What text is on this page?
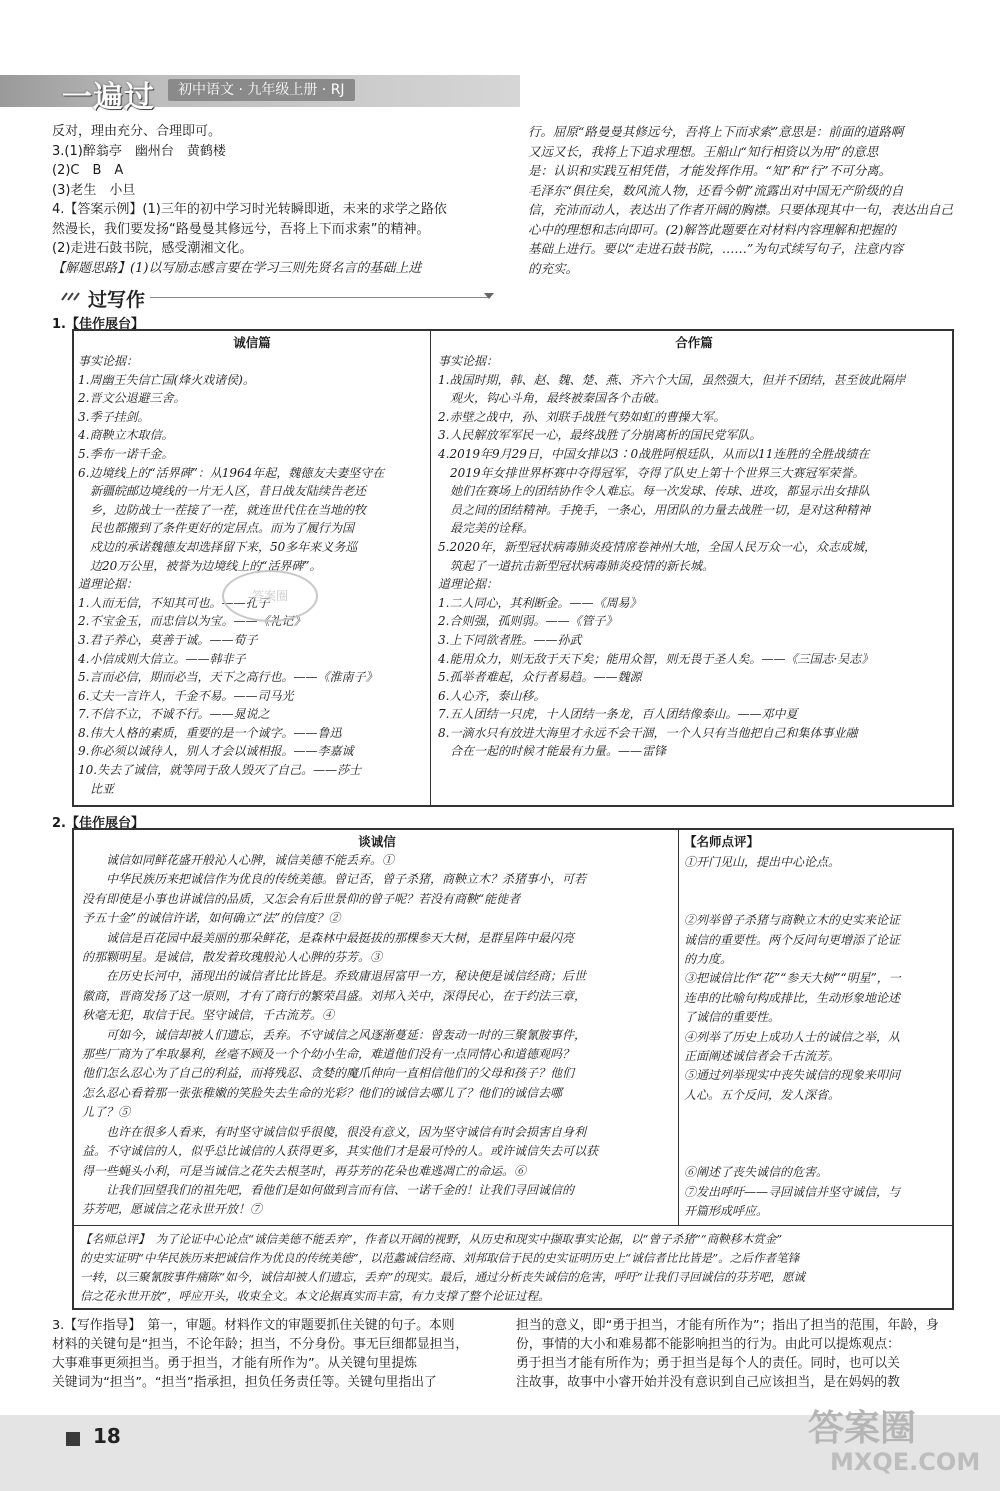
一遍过	初中语文 · 九年级上册 · RJ
反对，理由充分、合理即可。
3.(1)醉翁亭　幽州台　黄鹤楼
(2)C　B　A
(3)老生　小旦
4.【答案示例】(1)三年的初中学习时光转瞬即逝，未来的求学之路依
然漫长，我们要发扬“路曼曼其修远兮，吾将上下而求索”的精神。
(2)走进石鼓书院，感受潮湘文化。
【解题思路】(1)以写励志感言要在学习三则先贤名言的基础上进
行。屈原“路曼曼其修远兮，吾将上下而求索”意思是：前面的道路啊
又远又长，我将上下追求理想。王船山“知行相资以为用”的意思
是：认识和实践互相凭借，才能发挥作用。“知”和“行”不可分离。
毛泽东“俱往矣，数风流人物，还看今朝”流露出对中国无产阶级的自
信，充沛而动人，表达出了作者开阔的胸襟。只要体现其中一句，表达出自己
心中的理想和志向即可。(2)解答此题要在对材料内容理解和把握的
基础上进行。要以“走进石鼓书院，……”为句式续写句子，注意内容
的充实。
过写作
1.【佳作展台】
诚信篇
事实论据：
1.周幽王失信亡国(烽火戏诸侯)。
2.晋文公退避三舍。
3.季子挂剑。
4.商鞅立木取信。
5.季布一诺千金。
6.边境线上的“活界碑”：从1964年起，魏德友夫妻坚守在
　新疆皖邮边境线的一片无人区，昔日战友陆续告老还
　乡，边防战士一茬接了一茬，就连世代住在当地的牧
　民也都搬到了条件更好的定居点。而为了履行为国
　戍边的承诺魏德友却选择留下来，50多年来义务巡
　边20万公里，被誉为边境线上的“活界碑”。
道理论据：
1.人而无信，不知其可也。——孔子
2.不宝金玉，而忠信以为宝。——《礼记》
3.君子养心，莫善于诚。——荀子
4.小信成则大信立。——韩非子
5.言而必信，期而必当，天下之高行也。——《淮南子》
6.丈夫一言许人，千金不易。——司马光
7.不信不立，不诚不行。——晁说之
8.伟大人格的素质，重要的是一个诚字。——鲁迅
9.你必须以诚待人，别人才会以诚相报。——李嘉诚
10.失去了诚信，就等同于敌人毁灭了自己。——莎士
　比亚
合作篇
事实论据：
1.战国时期，韩、赵、魏、楚、燕、齐六个大国，虽然强大，但并不团结，甚至彼此隔岸
　观火，钩心斗角，最终被秦国各个击破。
2.赤壁之战中，孙、刘联手战胜气势如虹的曹操大军。
3.人民解放军军民一心，最终战胜了分崩离析的国民党军队。
4.2019年9月29日，中国女排以3∶0战胜阿根廷队，从而以11连胜的全胜战绩在
　2019年女排世界杯赛中夺得冠军，夺得了队史上第十个世界三大赛冠军荣誉。
　她们在赛场上的团结协作令人难忘。每一次发球、传球、进攻，都显示出女排队
　员之间的团结精神。手挽手，一条心，用团队的力量去战胜一切，是对这种精神
　最完美的诠释。
5.2020年，新型冠状病毒肺炎疫情席卷神州大地，全国人民万众一心，众志成城，
　筑起了一道抗击新型冠状病毒肺炎疫情的新长城。
道理论据：
1.二人同心，其利断金。——《周易》
2.合则强，孤则弱。——《管子》
3.上下同欲者胜。——孙武
4.能用众力，则无敌于天下矣；能用众智，则无畏于圣人矣。——《三国志·吴志》
5.孤举者难起，众行者易趋。——魏源
6.人心齐，泰山移。
7.五人团结一只虎，十人团结一条龙，百人团结像泰山。——邓中夏
8.一滴水只有放进大海里才永远不会干涸，一个人只有当他把自己和集体事业融
　合在一起的时候才能最有力量。——雷锋
答案圈
2.【佳作展台】
谈诚信
　　诚信如同鲜花盛开般沁人心脾，诚信美德不能丢弃。①
　　中华民族历来把诚信作为优良的传统美德。曾记否，曾子杀猪，商鞅立木？杀猪事小，可若
没有即使是小事也讲诚信的品质，又怎会有后世景仰的曾子呢？若没有商鞅“能徙者
予五十金”的诚信许诺，如何确立“法”的信度？②
　　诚信是百花园中最美丽的那朵鲜花，是森林中最挺拔的那棵参天大树，是群星阵中最闪亮
的那颗明星。是诚信，散发着玫瑰般沁人心脾的芬芳。③
　　在历史长河中，涌现出的诚信者比比皆是。乔致庸退居富甲一方，秘诀便是诚信经商；后世
徽商，晋商发扬了这一原则，才有了商行的繁荣昌盛。刘邦入关中，深得民心，在于约法三章，
秋毫无犯，取信于民。坚守诚信，千古流芳。④
　　可如今，诚信却被人们遗忘，丢弃。不守诚信之风逐渐蔓延：曾轰动一时的三聚氰胺事件，
那些厂商为了牟取暴利，丝毫不顾及一个个幼小生命，难道他们没有一点同情心和道德观吗？
他们怎么忍心为了自己的利益，而将残忍、贪婪的魔爪伸向一直相信他们的父母和孩子？他们
怎么忍心看着那一张张稚嫩的笑脸失去生命的光彩？他们的诚信去哪儿了？他们的诚信去哪
儿了？⑤
　　也许在很多人看来，有时坚守诚信似乎很傻，很没有意义，因为坚守诚信有时会损害自身利
益。不守诚信的人，似乎总比诚信的人获得更多，其实他们才是最可怜的人。或许诚信失去可以获
得一些蝇头小利，可是当诚信之花失去根茎时，再芬芳的花朵也难逃凋亡的命运。⑥
　　让我们回望我们的祖先吧，看他们是如何做到言而有信、一诺千金的！让我们寻回诚信的
芬芳吧，愿诚信之花永世开放！⑦
【名师点评】
①开门见山，提出中心论点。
②列举曾子杀猪与商鞅立木的史实来论证
诚信的重要性。两个反问句更增添了论证
的力度。
③把诚信比作“花”“参天大树”“明星”，一
连串的比喻句构成排比，生动形象地论述
了诚信的重要性。
④列举了历史上成功人士的诚信之举，从
正面阐述诚信者会千古流芳。
⑤通过列举现实中丧失诚信的现象来叩问
人心。五个反问，发人深省。
⑥阐述了丧失诚信的危害。
⑦发出呼吁——寻回诚信并坚守诚信，与
开篇形成呼应。
【名师总评】　为了论证中心论点“诚信美德不能丢弃”，作者以开阔的视野，从历史和现实中撷取事实论据，以“曾子杀猪”“商鞅移木赏金”
的史实证明“中华民族历来把诚信作为优良的传统美德”，以范蠡诚信经商、刘邦取信于民的史实证明历史上“诚信者比比皆是”。之后作者笔锋
一转，以三聚氰胺事件痛陈“如今，诚信却被人们遗忘，丢弃”的现实。最后，通过分析丧失诚信的危害，呼吁“让我们寻回诚信的芬芳吧，愿诚
信之花永世开放”，呼应开头，收束全文。本文论据真实而丰富，有力支撑了整个论证过程。
3.【写作指导】　第一，审题。材料作文的审题要抓住关键的句子。本则
材料的关键句是“担当，不论年龄；担当，不分身份。事无巨细都显担当，
大事难事更须担当。勇于担当，才能有所作为”。从关键句里提炼
关键词为“担当”。“担当”指承担，担负任务责任等。关键句里指出了
担当的意义，即“勇于担当，才能有所作为”；指出了担当的范围，年龄，身
份，事情的大小和难易都不能影响担当的行为。由此可以提炼观点：
勇于担当才能有所作为；勇于担当是每个人的责任。同时，也可以关
注故事，故事中小睿开始并没有意识到自己应该担当，是在妈妈的教
18	答案圈
MXQE.COM
